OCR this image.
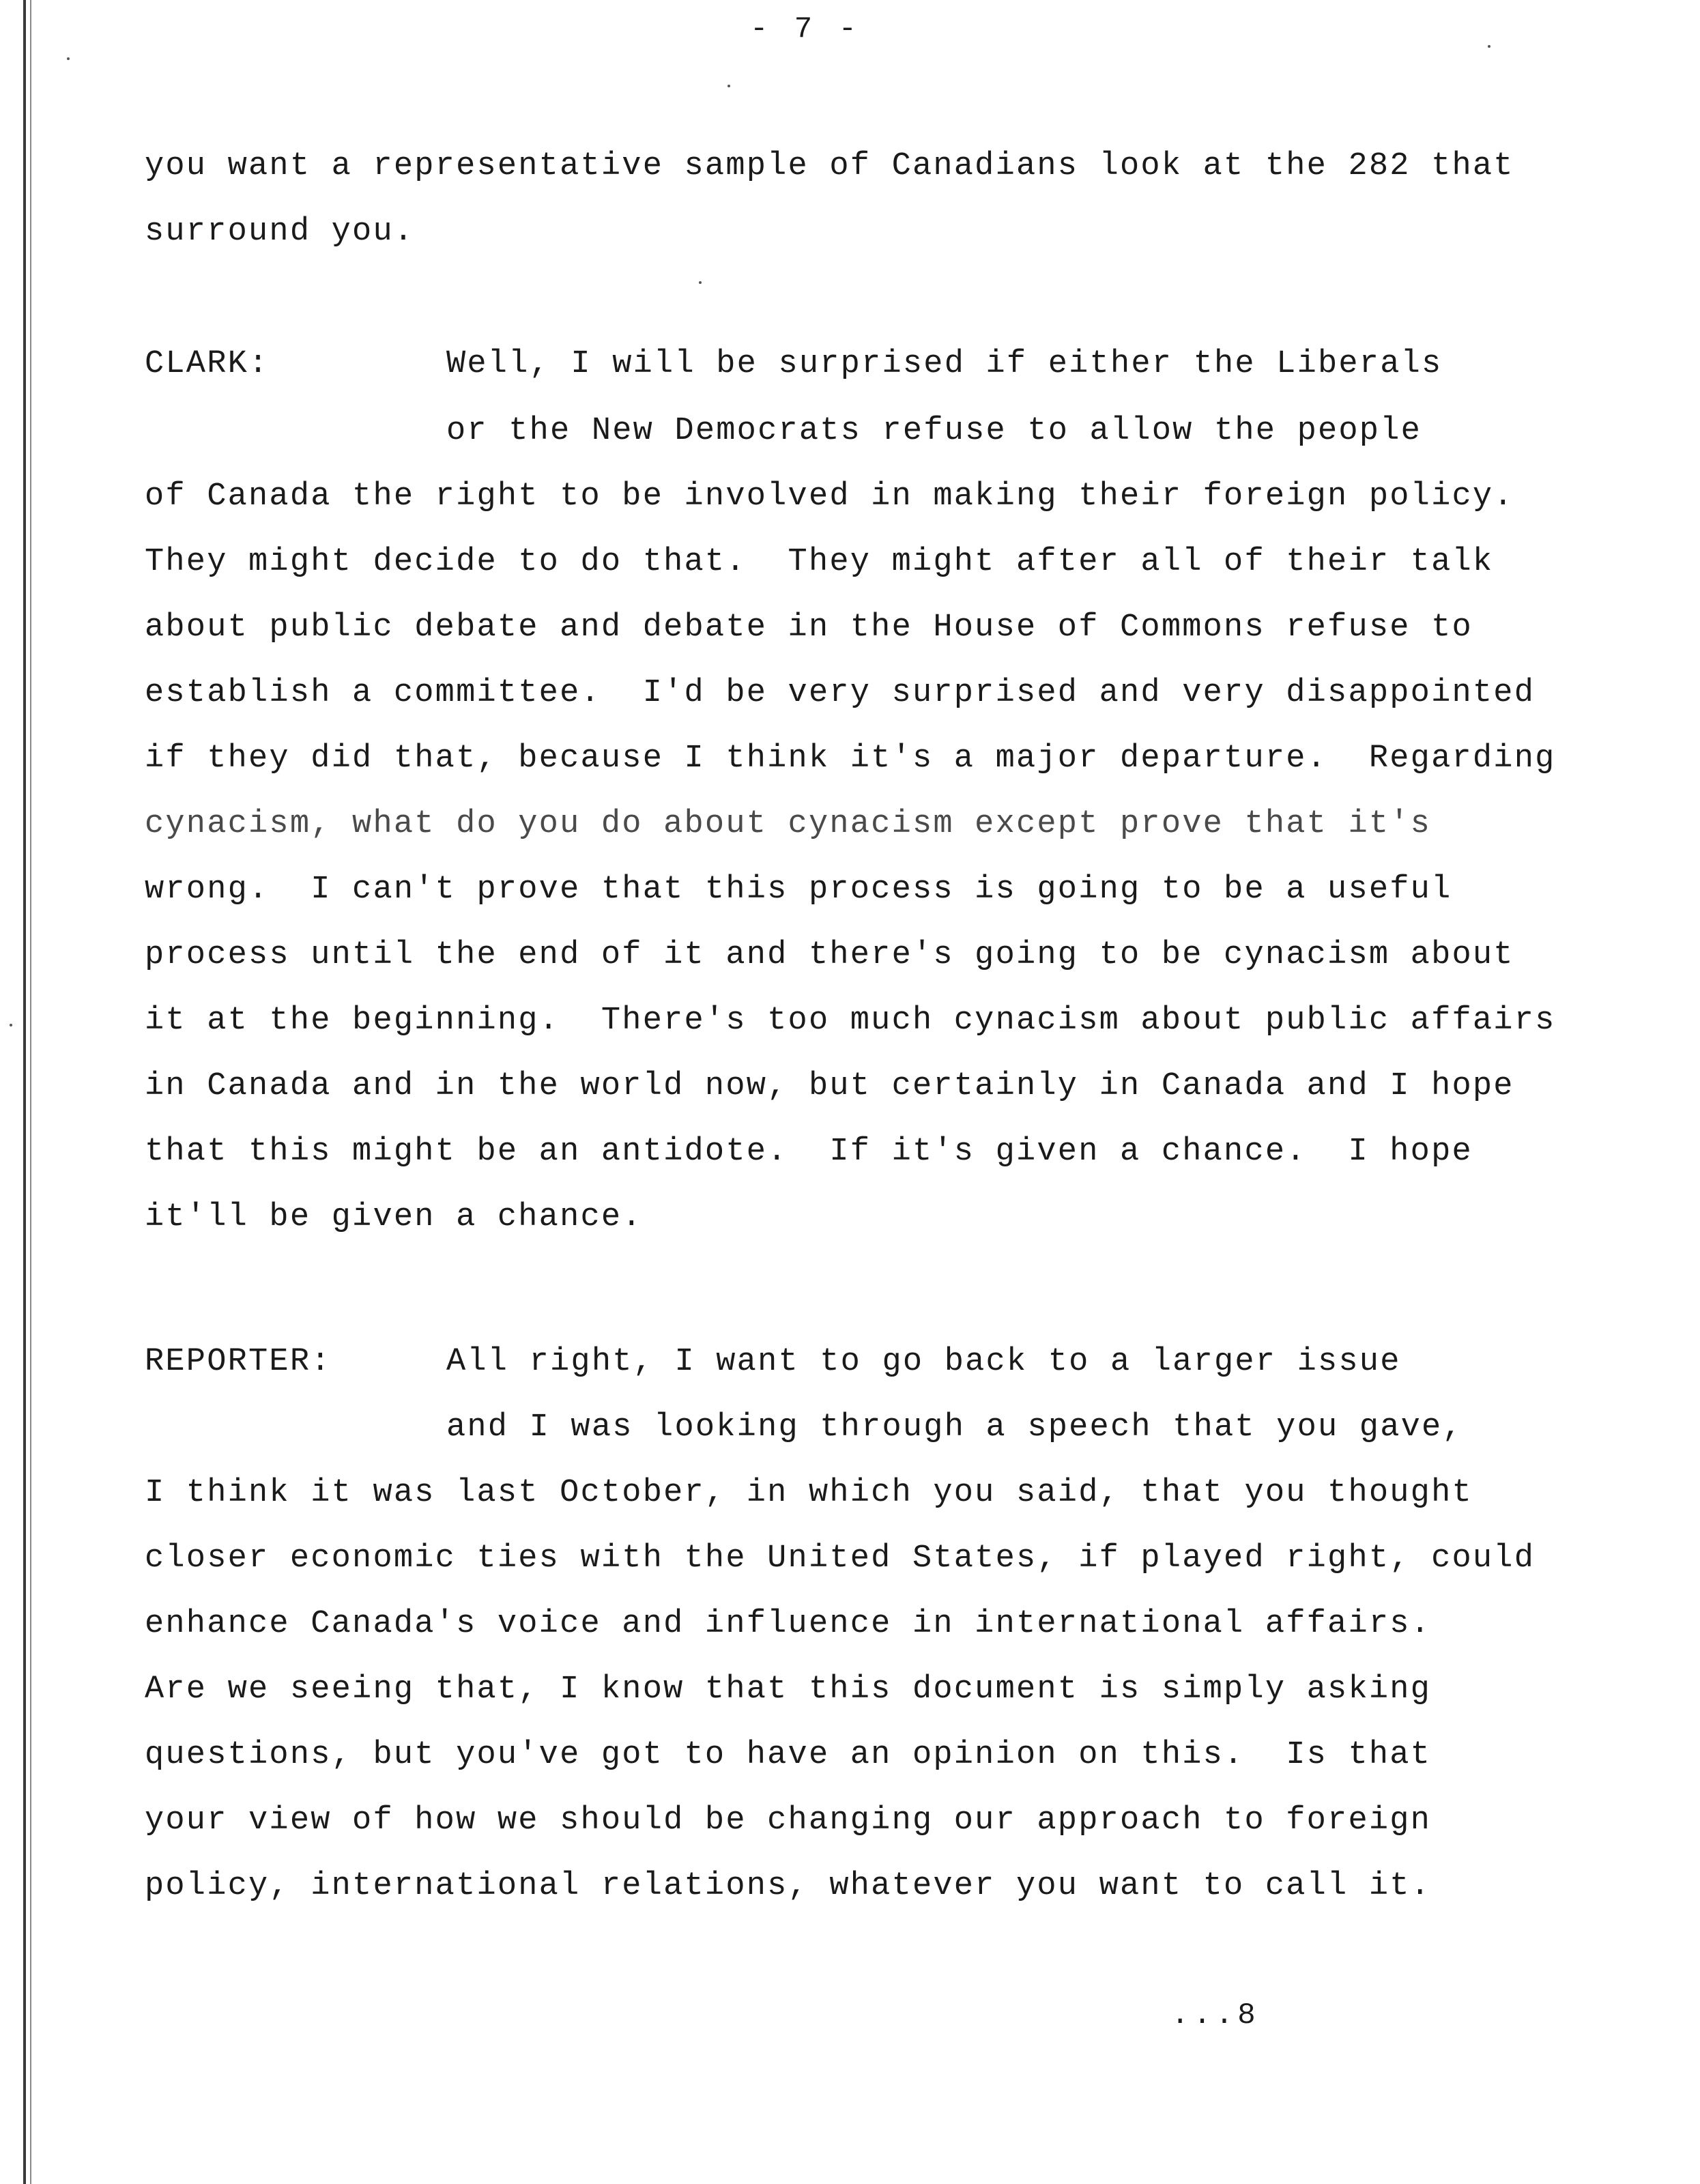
- 7 -
you want a representative sample of Canadians look at the 282 that
surround you.
CLARK:	Well, I will be surprised if either the Liberals
or the New Democrats refuse to allow the people
of Canada the right to be involved in making their foreign policy.
They might decide to do that.  They might after all of their talk
about public debate and debate in the House of Commons refuse to
establish a committee.  I'd be very surprised and very disappointed
if they did that, because I think it's a major departure.  Regarding
cynacism, what do you do about cynacism except prove that it's
wrong.  I can't prove that this process is going to be a useful
process until the end of it and there's going to be cynacism about
it at the beginning.  There's too much cynacism about public affairs
in Canada and in the world now, but certainly in Canada and I hope
that this might be an antidote.  If it's given a chance.  I hope
it'll be given a chance.
REPORTER:	All right, I want to go back to a larger issue
and I was looking through a speech that you gave,
I think it was last October, in which you said, that you thought
closer economic ties with the United States, if played right, could
enhance Canada's voice and influence in international affairs.
Are we seeing that, I know that this document is simply asking
questions, but you've got to have an opinion on this.  Is that
your view of how we should be changing our approach to foreign
policy, international relations, whatever you want to call it.
...8
